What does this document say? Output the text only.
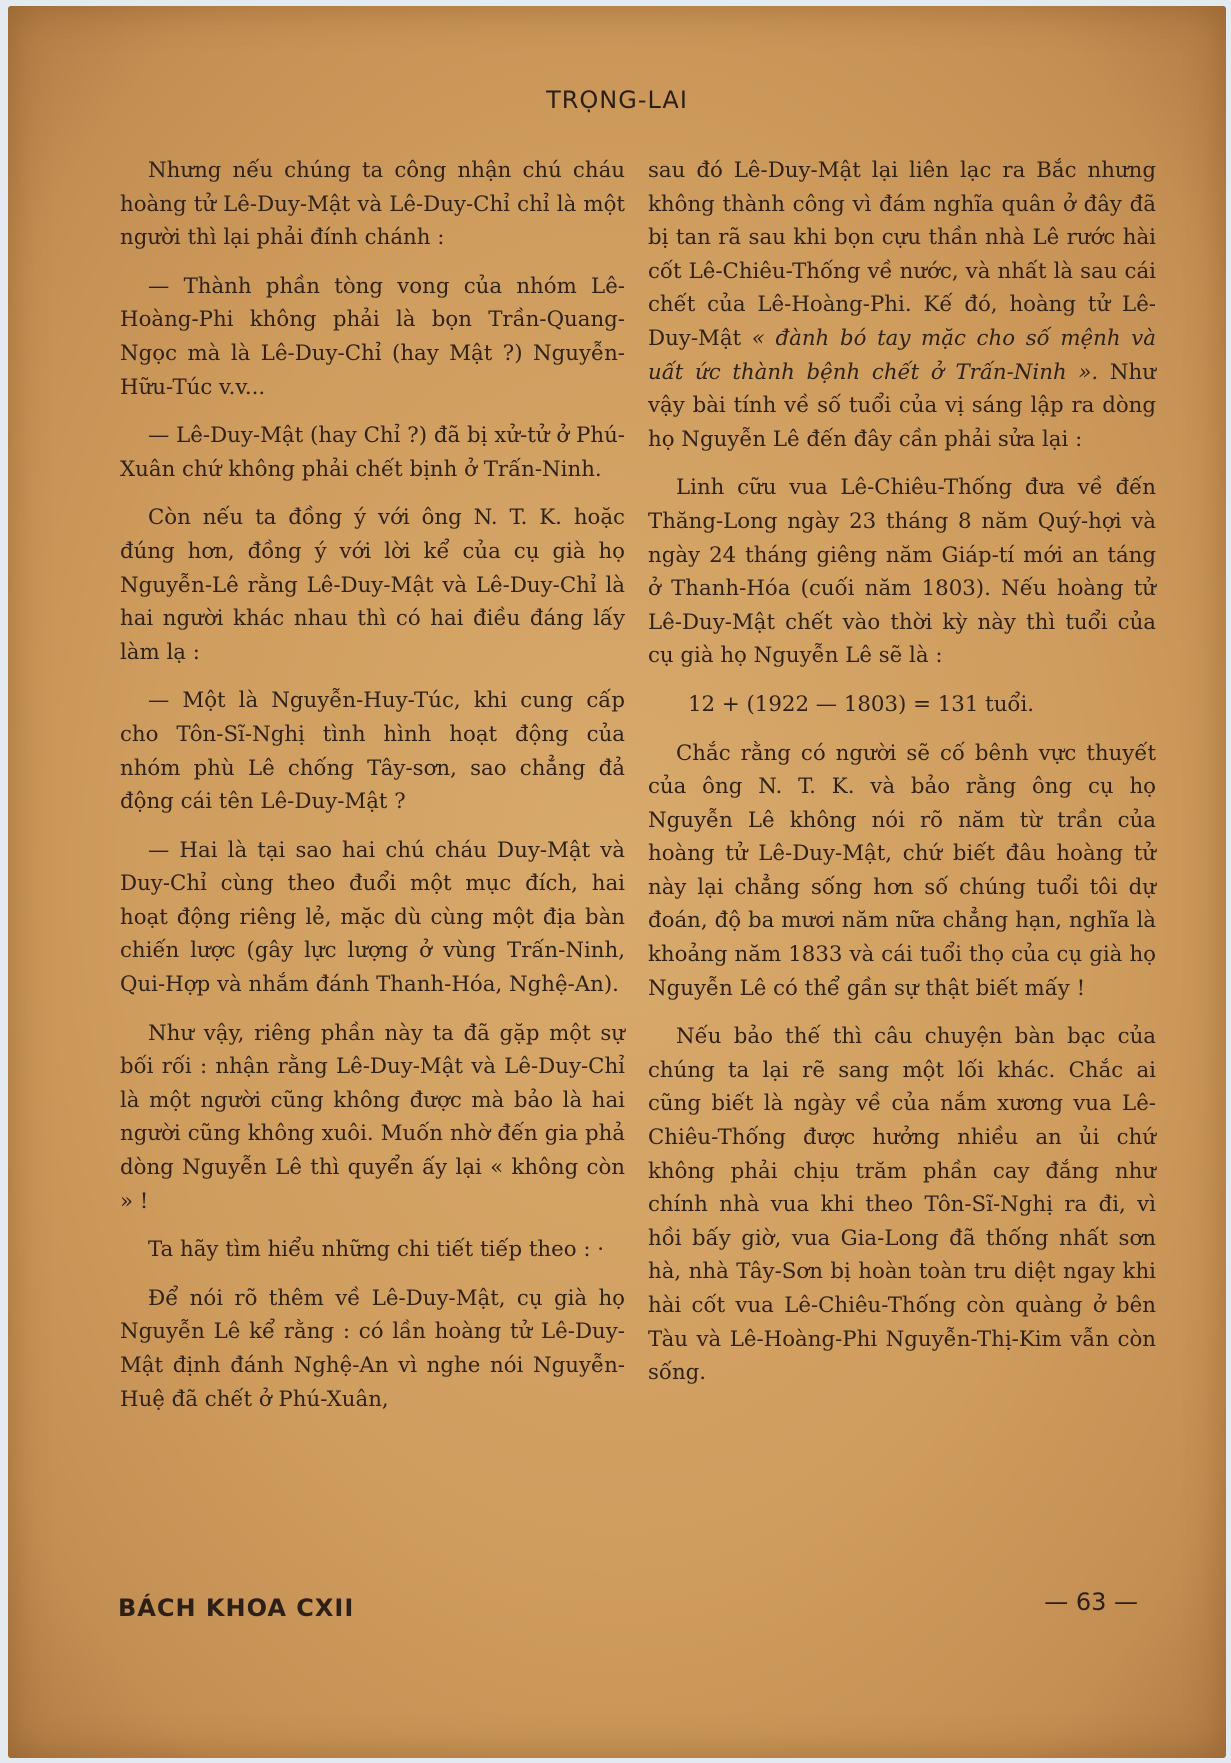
TRỌNG-LAI

Nhưng nếu chúng ta công nhận chú cháu hoàng tử Lê-Duy-Mật và Lê-Duy-Chỉ chỉ là một người thì lại phải đính chánh :

— Thành phần tòng vong của nhóm Lê-Hoàng-Phi không phải là bọn Trần-Quang-Ngọc mà là Lê-Duy-Chỉ (hay Mật ?) Nguyễn-Hữu-Túc v.v...

— Lê-Duy-Mật (hay Chỉ ?) đã bị xử-tử ở Phú-Xuân chứ không phải chết bịnh ở Trấn-Ninh.

Còn nếu ta đồng ý với ông N. T. K. hoặc đúng hơn, đồng ý với lời kể của cụ già họ Nguyễn-Lê rằng Lê-Duy-Mật và Lê-Duy-Chỉ là hai người khác nhau thì có hai điều đáng lấy làm lạ :

— Một là Nguyễn-Huy-Túc, khi cung cấp cho Tôn-Sĩ-Nghị tình hình hoạt động của nhóm phù Lê chống Tây-sơn, sao chẳng đả động cái tên Lê-Duy-Mật ?

— Hai là tại sao hai chú cháu Duy-Mật và Duy-Chỉ cùng theo đuổi một mục đích, hai hoạt động riêng lẻ, mặc dù cùng một địa bàn chiến lược (gây lực lượng ở vùng Trấn-Ninh, Qui-Hợp và nhắm đánh Thanh-Hóa, Nghệ-An).

Như vậy, riêng phần này ta đã gặp một sự bối rối : nhận rằng Lê-Duy-Mật và Lê-Duy-Chỉ là một người cũng không được mà bảo là hai người cũng không xuôi. Muốn nhờ đến gia phả dòng Nguyễn Lê thì quyển ấy lại « không còn » !

Ta hãy tìm hiểu những chi tiết tiếp theo : ·

Để nói rõ thêm về Lê-Duy-Mật, cụ già họ Nguyễn Lê kể rằng : có lần hoàng tử Lê-Duy-Mật định đánh Nghệ-An vì nghe nói Nguyễn-Huệ đã chết ở Phú-Xuân,

sau đó Lê-Duy-Mật lại liên lạc ra Bắc nhưng không thành công vì đám nghĩa quân ở đây đã bị tan rã sau khi bọn cựu thần nhà Lê rước hài cốt Lê-Chiêu-Thống về nước, và nhất là sau cái chết của Lê-Hoàng-Phi. Kế đó, hoàng tử Lê-Duy-Mật « đành bó tay mặc cho số mệnh và uất ức thành bệnh chết ở Trấn-Ninh ». Như vậy bài tính về số tuổi của vị sáng lập ra dòng họ Nguyễn Lê đến đây cần phải sửa lại :

Linh cữu vua Lê-Chiêu-Thống đưa về đến Thăng-Long ngày 23 tháng 8 năm Quý-hợi và ngày 24 tháng giêng năm Giáp-tí mới an táng ở Thanh-Hóa (cuối năm 1803). Nếu hoàng tử Lê-Duy-Mật chết vào thời kỳ này thì tuổi của cụ già họ Nguyễn Lê sẽ là :

12 + (1922 — 1803) = 131 tuổi.

Chắc rằng có người sẽ cố bênh vực thuyết của ông N. T. K. và bảo rằng ông cụ họ Nguyễn Lê không nói rõ năm từ trần của hoàng tử Lê-Duy-Mật, chứ biết đâu hoàng tử này lại chẳng sống hơn số chúng tuổi tôi dự đoán, độ ba mươi năm nữa chẳng hạn, nghĩa là khoảng năm 1833 và cái tuổi thọ của cụ già họ Nguyễn Lê có thể gần sự thật biết mấy !

Nếu bảo thế thì câu chuyện bàn bạc của chúng ta lại rẽ sang một lối khác. Chắc ai cũng biết là ngày về của nắm xương vua Lê-Chiêu-Thống được hưởng nhiều an ủi chứ không phải chịu trăm phần cay đắng như chính nhà vua khi theo Tôn-Sĩ-Nghị ra đi, vì hồi bấy giờ, vua Gia-Long đã thống nhất sơn hà, nhà Tây-Sơn bị hoàn toàn tru diệt ngay khi hài cốt vua Lê-Chiêu-Thống còn quàng ở bên Tàu và Lê-Hoàng-Phi Nguyễn-Thị-Kim vẫn còn sống.

BÁCH KHOA CXII	— 63 —
